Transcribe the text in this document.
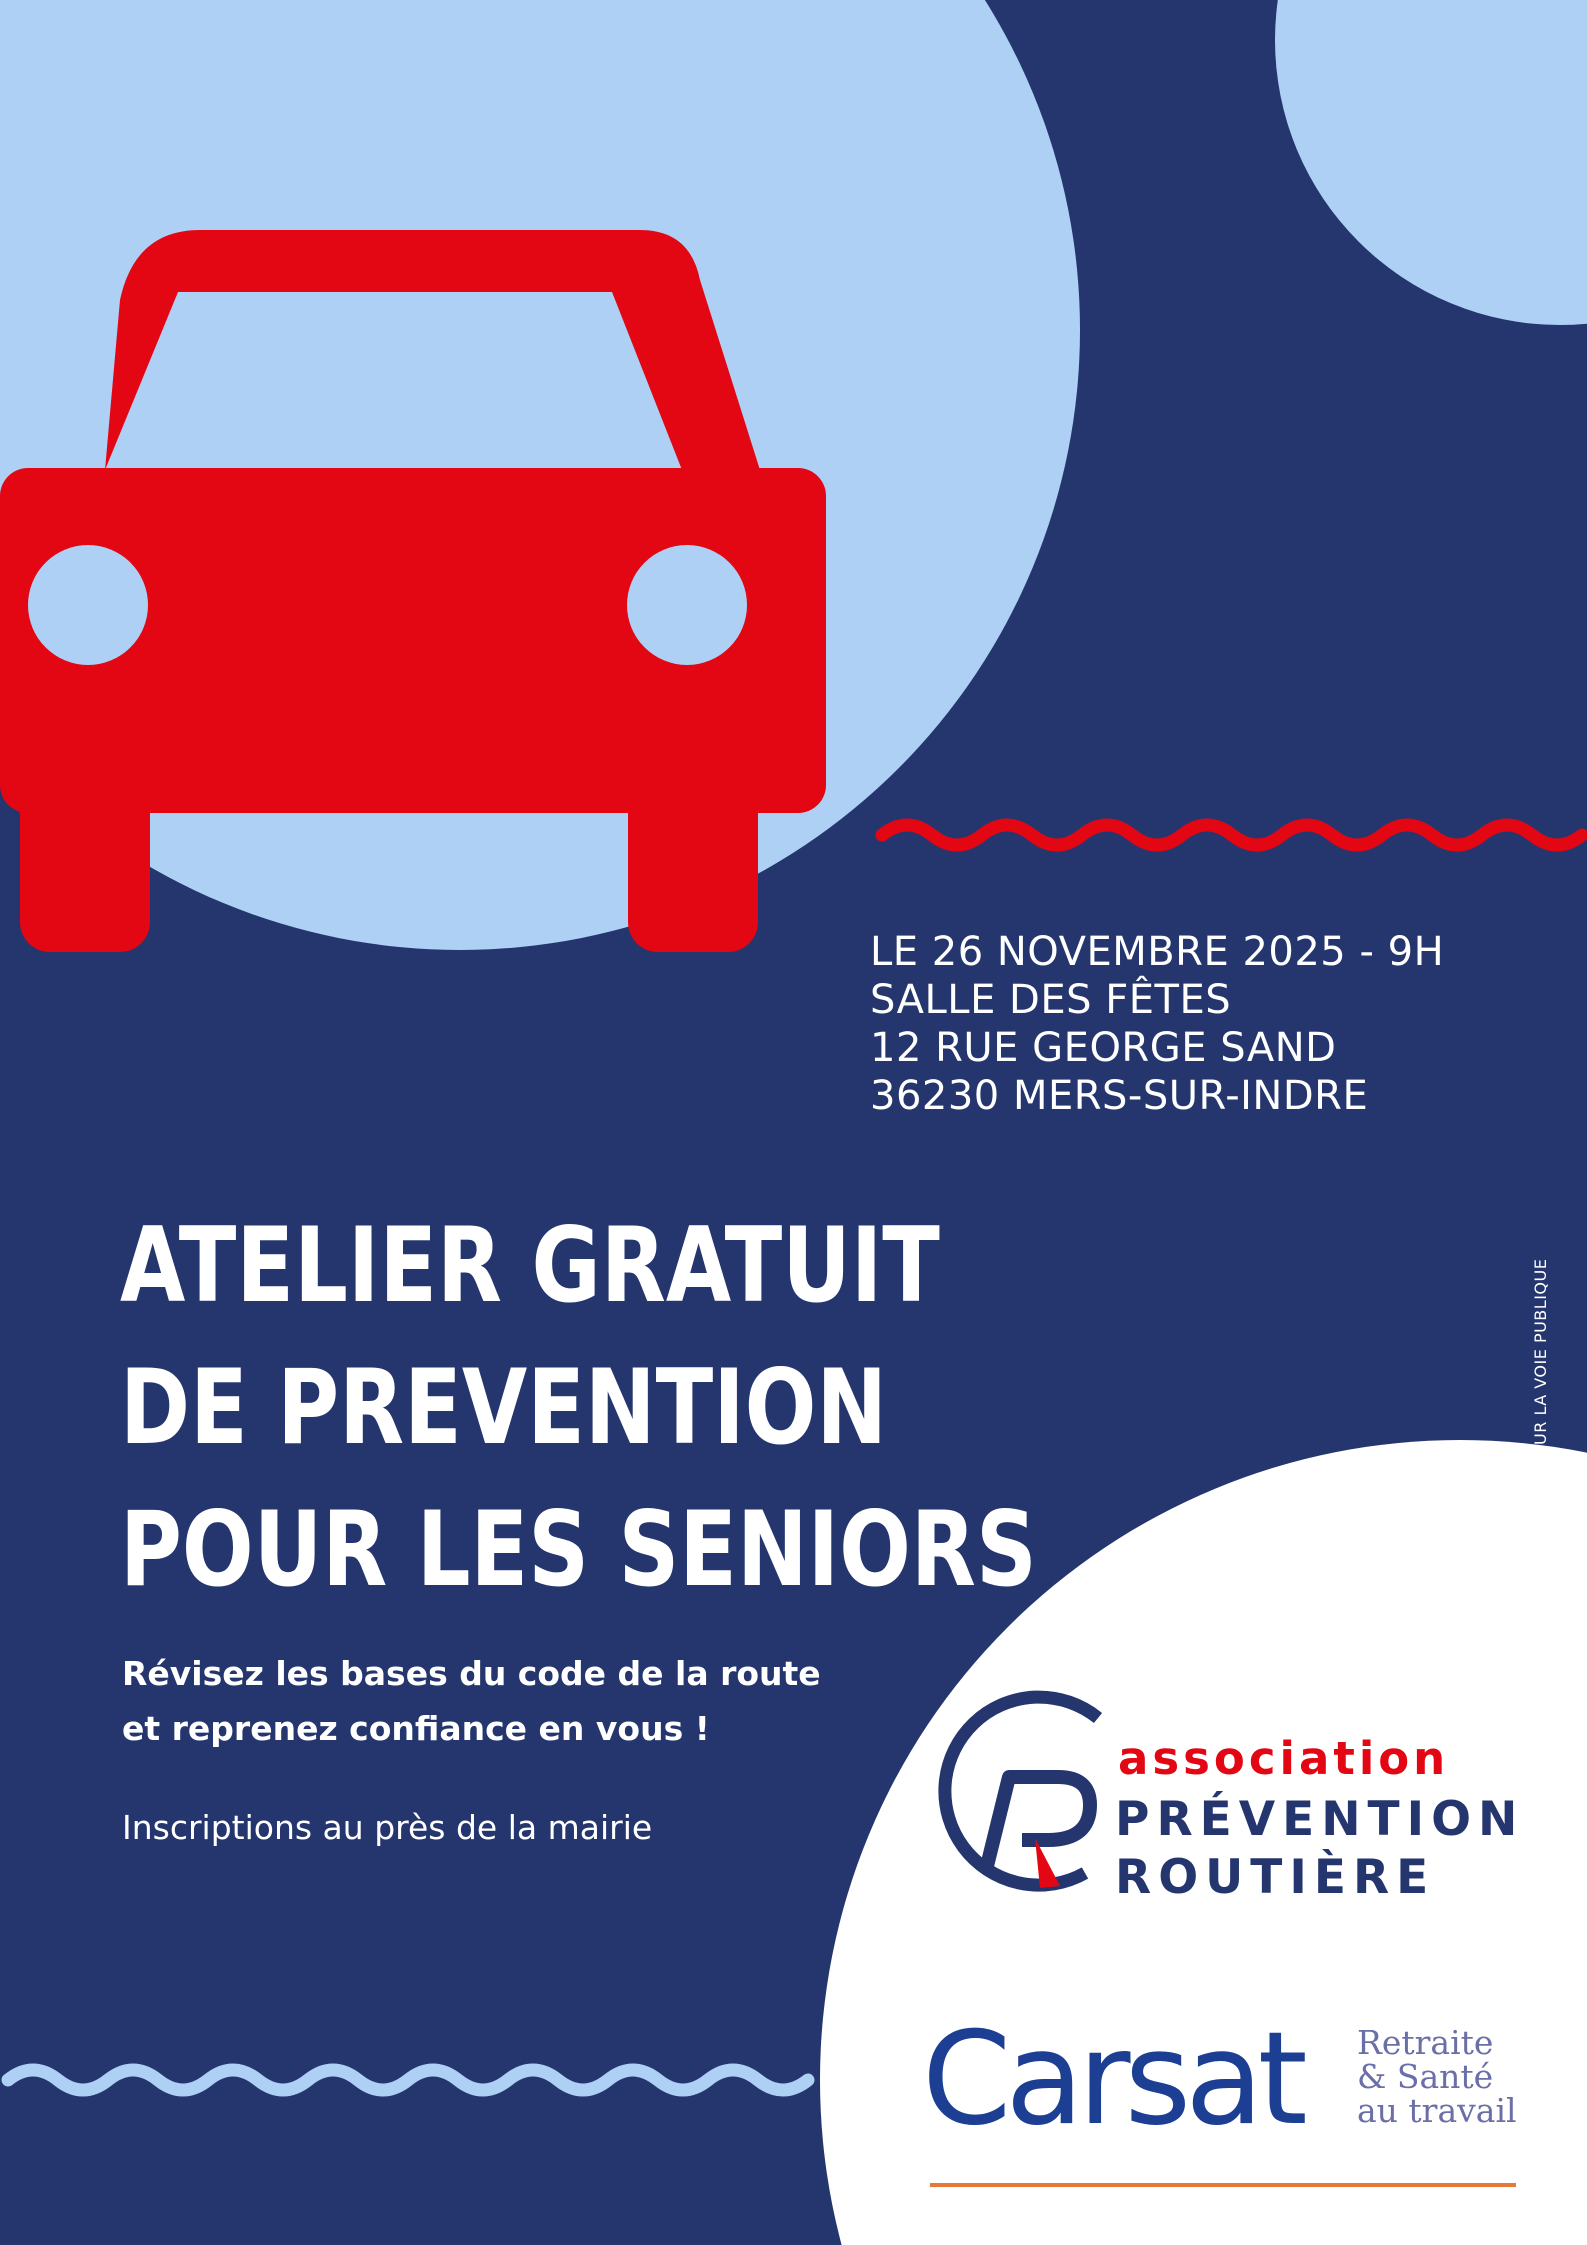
LE 26 NOVEMBRE 2025 - 9H
SALLE DES FÊTES
12 RUE GEORGE SAND
36230 MERS-SUR-INDRE
ATELIER GRATUIT
DE PREVENTION
POUR LES SENIORS
Révisez les bases du code de la route
et reprenez confiance en vous !
Inscriptions au près de la mairie
NE PAS JETER SUR LA VOIE PUBLIQUE
association
PRÉVENTION
ROUTIÈRE
Carsat Retraite
& Santé
au travail
